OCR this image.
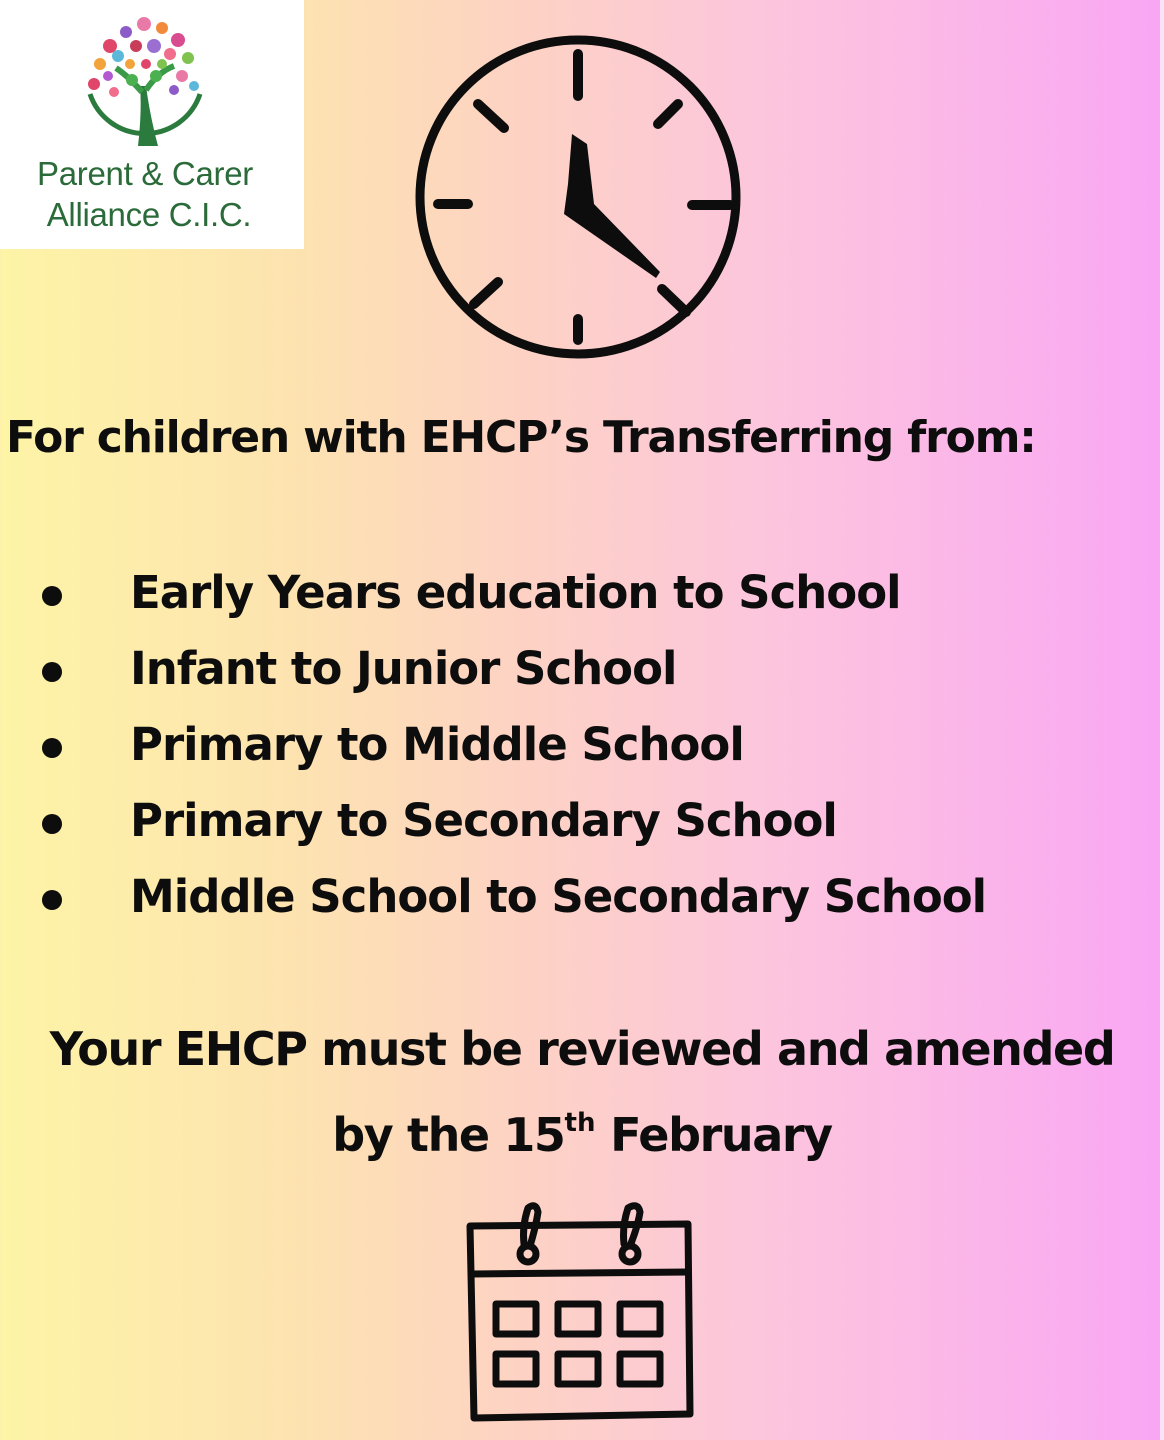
Parent & Carer
Alliance C.I.C.
For children with EHCP’s Transferring from:
Early Years education to School
Infant to Junior School
Primary to Middle School
Primary to Secondary School
Middle School to Secondary School
Your EHCP must be reviewed and amended
by the 15th February
